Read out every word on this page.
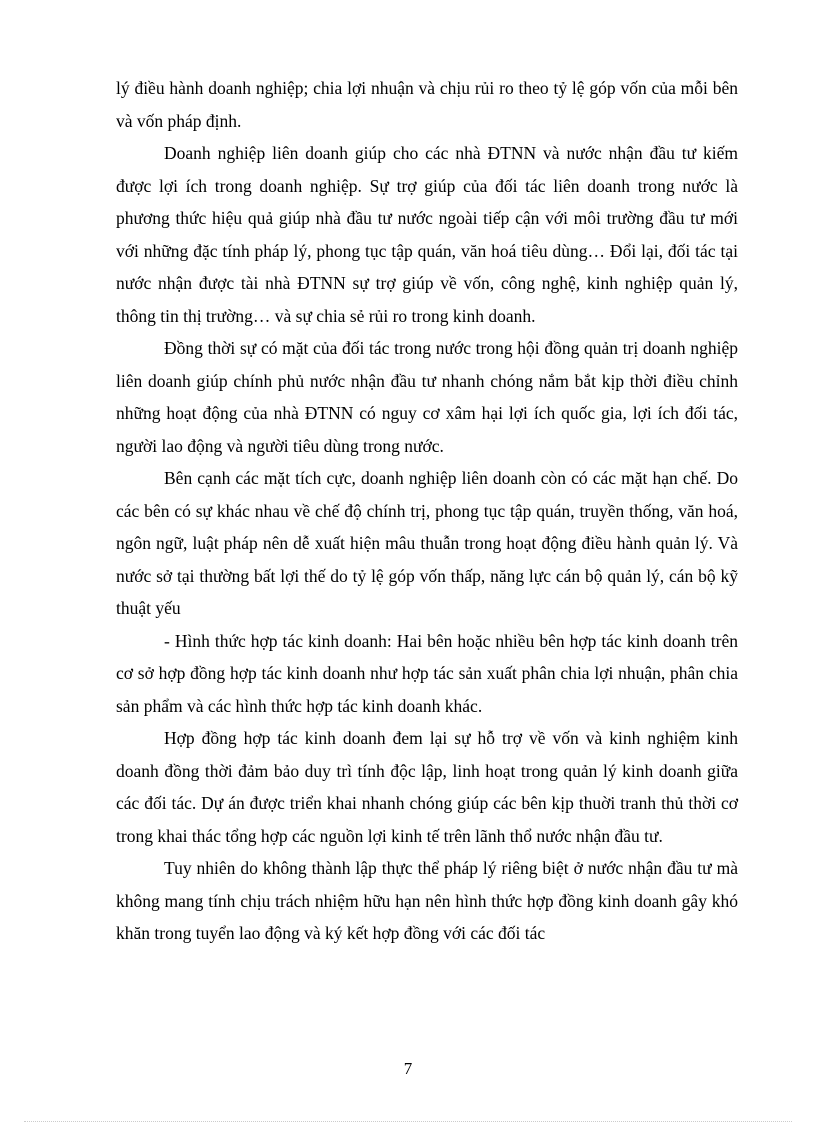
lý điều hành doanh nghiệp; chia lợi nhuận và chịu rủi ro theo tỷ lệ góp vốn của mỗi bên và vốn pháp định.

Doanh nghiệp liên doanh giúp cho các nhà ĐTNN và nước nhận đầu tư kiếm được lợi ích trong doanh nghiệp. Sự trợ giúp của đối tác liên doanh trong nước là phương thức hiệu quả giúp nhà đầu tư nước ngoài tiếp cận với môi trường đầu tư mới với những đặc tính pháp lý, phong tục tập quán, văn hoá tiêu dùng… Đổi lại, đối tác tại nước nhận được tài nhà ĐTNN sự trợ giúp về vốn, công nghệ, kinh nghiệp quản lý, thông tin thị trường… và sự chia sẻ rủi ro trong kinh doanh.

Đồng thời sự có mặt của đối tác trong nước trong hội đồng quản trị doanh nghiệp liên doanh giúp chính phủ nước nhận đầu tư nhanh chóng nắm bắt kịp thời điều chỉnh những hoạt động của nhà ĐTNN có nguy cơ xâm hại lợi ích quốc gia, lợi ích đối tác, người lao động và người tiêu dùng trong nước.

Bên cạnh các mặt tích cực, doanh nghiệp liên doanh còn có các mặt hạn chế. Do các bên có sự khác nhau về chế độ chính trị, phong tục tập quán, truyền thống, văn hoá, ngôn ngữ, luật pháp nên dễ xuất hiện mâu thuẫn trong hoạt động điều hành quản lý. Và nước sở tại thường bất lợi thế do tỷ lệ góp vốn thấp, năng lực cán bộ quản lý, cán bộ kỹ thuật yếu

- Hình thức hợp tác kinh doanh: Hai bên hoặc nhiều bên hợp tác kinh doanh trên cơ sở hợp đồng hợp tác kinh doanh như hợp tác sản xuất phân chia lợi nhuận, phân chia sản phẩm và các hình thức hợp tác kinh doanh khác.

Hợp đồng hợp tác kinh doanh đem lại sự hỗ trợ về vốn và kinh nghiệm kinh doanh đồng thời đảm bảo duy trì tính độc lập, linh hoạt trong quản lý kinh doanh giữa các đối tác. Dự án được triển khai nhanh chóng giúp các bên kịp thuời tranh thủ thời cơ trong khai thác tổng hợp các nguồn lợi kinh tế trên lãnh thổ nước nhận đầu tư.

Tuy nhiên do không thành lập thực thể pháp lý riêng biệt ở nước nhận đầu tư mà không mang tính chịu trách nhiệm hữu hạn nên hình thức hợp đồng kinh doanh gây khó khăn trong tuyển lao động và ký kết hợp đồng với các đối tác

7
